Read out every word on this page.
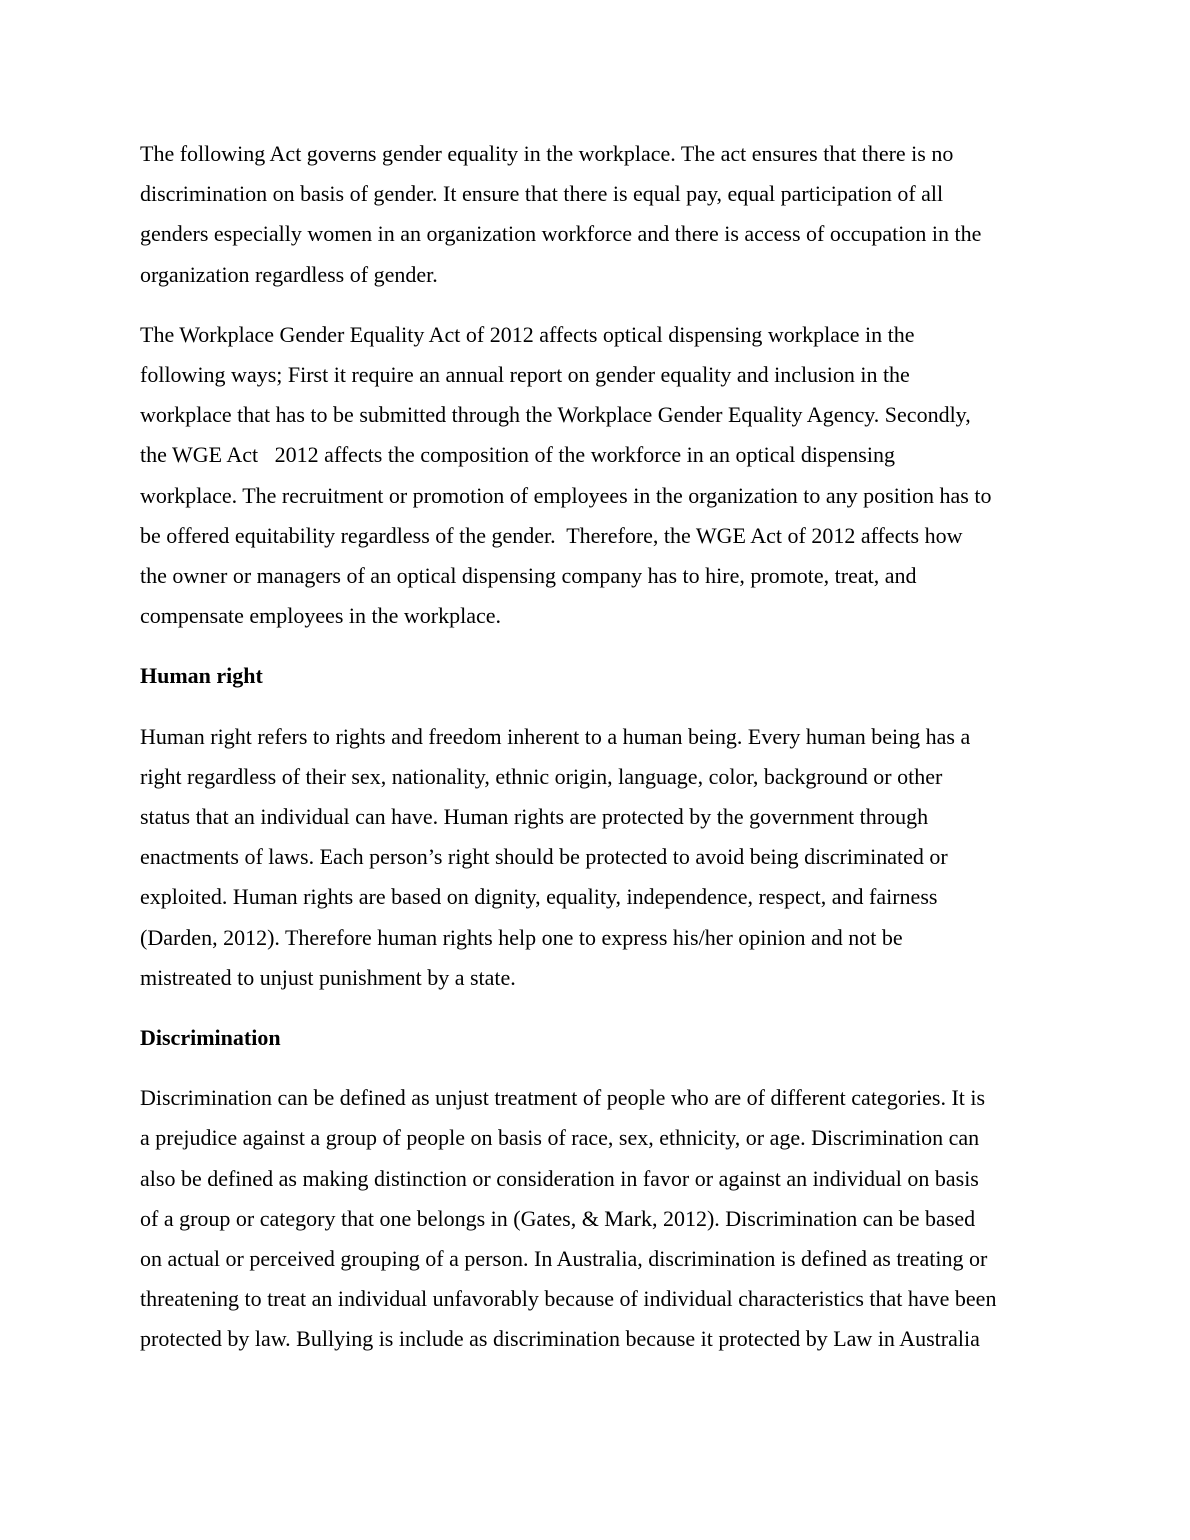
The following Act governs gender equality in the workplace. The act ensures that there is no
discrimination on basis of gender. It ensure that there is equal pay, equal participation of all
genders especially women in an organization workforce and there is access of occupation in the
organization regardless of gender.

The Workplace Gender Equality Act of 2012 affects optical dispensing workplace in the
following ways; First it require an annual report on gender equality and inclusion in the
workplace that has to be submitted through the Workplace Gender Equality Agency. Secondly,
the WGE Act   2012 affects the composition of the workforce in an optical dispensing
workplace. The recruitment or promotion of employees in the organization to any position has to
be offered equitability regardless of the gender.  Therefore, the WGE Act of 2012 affects how
the owner or managers of an optical dispensing company has to hire, promote, treat, and
compensate employees in the workplace.

Human right

Human right refers to rights and freedom inherent to a human being. Every human being has a
right regardless of their sex, nationality, ethnic origin, language, color, background or other
status that an individual can have. Human rights are protected by the government through
enactments of laws. Each person’s right should be protected to avoid being discriminated or
exploited. Human rights are based on dignity, equality, independence, respect, and fairness
(Darden, 2012). Therefore human rights help one to express his/her opinion and not be
mistreated to unjust punishment by a state.

Discrimination

Discrimination can be defined as unjust treatment of people who are of different categories. It is
a prejudice against a group of people on basis of race, sex, ethnicity, or age. Discrimination can
also be defined as making distinction or consideration in favor or against an individual on basis
of a group or category that one belongs in (Gates, & Mark, 2012). Discrimination can be based
on actual or perceived grouping of a person. In Australia, discrimination is defined as treating or
threatening to treat an individual unfavorably because of individual characteristics that have been
protected by law. Bullying is include as discrimination because it protected by Law in Australia
